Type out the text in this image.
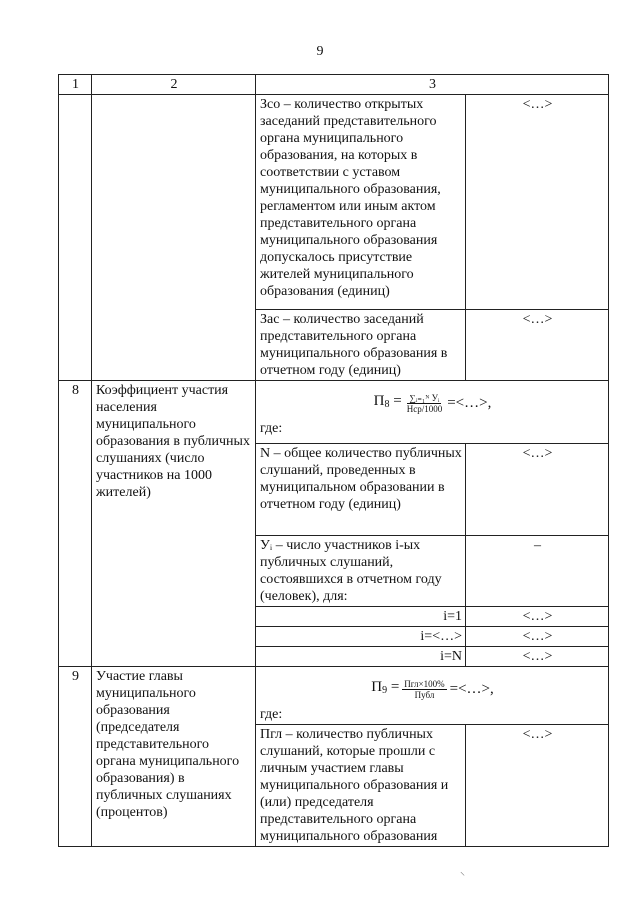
9
1	2	3	
		Зсо – количество открытых заседаний представительного органа муниципального образования, на которых в соответствии с уставом муниципального образования, регламентом или иным актом представительного органа муниципального образования допускалось присутствие жителей муниципального образования (единиц)	<…>
		Зас – количество заседаний представительного органа муниципального образования в отчетном году (единиц)	<…>
8	Коэффициент участия населения муниципального образования в публичных слушаниях (число участников на 1000 жителей)	$П_8 = \frac{\text{∑ᵢ₌₁ᴺ Уᵢ}}{\text{Нср/1000}}$ =<…>,
где:	

		N – общее количество публичных слушаний, проведенных в муниципальном образовании в отчетном году (единиц)	<…>
		Уᵢ – число участников i-ых публичных слушаний, состоявшихся в отчетном году (человек), для:	–
		i=1	<…>
		i=<…>	<…>
		i=N	<…>
9	Участие главы муниципального образования (председателя представительного органа муниципального образования) в публичных слушаниях (процентов)	$П_9 = \frac{\text{Пгл×100\%}}{\text{Публ}}$ =<…>,
где:	

		Пгл – количество публичных слушаний, которые прошли с личным участием главы муниципального образования и (или) председателя представительного органа муниципального образования	<…>
⸌
